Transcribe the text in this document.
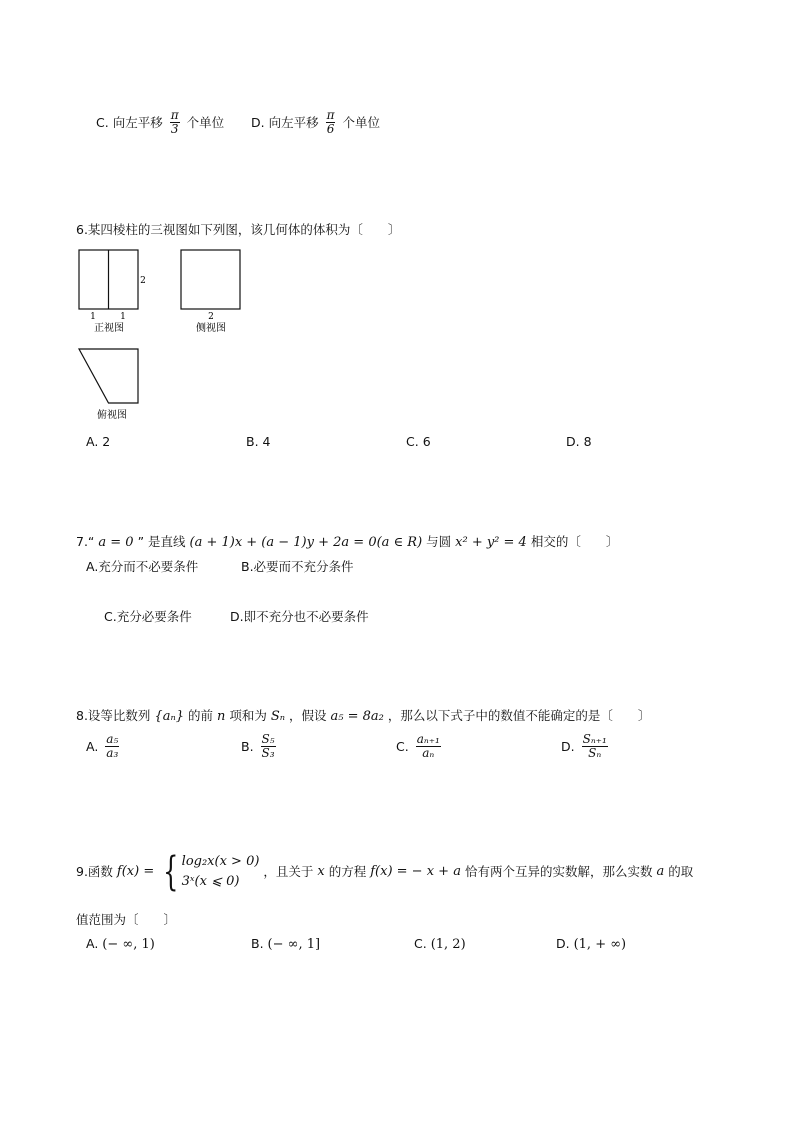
C. 向左平移 $\frac{\pi}{3}$ 个单位 D. 向左平移 $\frac{\pi}{6}$ 个单位
6.某四棱柱的三视图如下列图，该几何体的体积为〔　　〕
1	1
2
正视图
2
侧视图
俯视图
A. 2	B. 4	C. 6	D. 8
7.“ a = 0 ” 是直线 (a + 1)x + (a − 1)y + 2a = 0(a ∈ R) 与圆 x² + y² = 4 相交的〔　　〕
A.充分而不必要条件	B.必要而不充分条件
C.充分必要条件	D.即不充分也不必要条件
8.设等比数列 {aₙ} 的前 n 项和为 Sₙ ，假设 a₅ = 8a₂ ，那么以下式子中的数值不能确定的是〔　　〕
A. $\frac{\text{a₅}}{\text{a₃}}$	B. $\frac{\text{S₅}}{\text{S₃}}$	C. $\frac{\text{aₙ₊₁}}{\text{aₙ}}$	D. $\frac{\text{Sₙ₊₁}}{\text{Sₙ}}$
9.函数 f(x) = { log₂x(x > 0)
3ˣ(x ⩽ 0)
，且关于 x 的方程 f(x) = − x + a 恰有两个互异的实数解，那么实数 a 的取
值范围为〔　　〕
A. (− ∞, 1)	B. (− ∞, 1]	C. (1, 2)	D. (1, + ∞)
